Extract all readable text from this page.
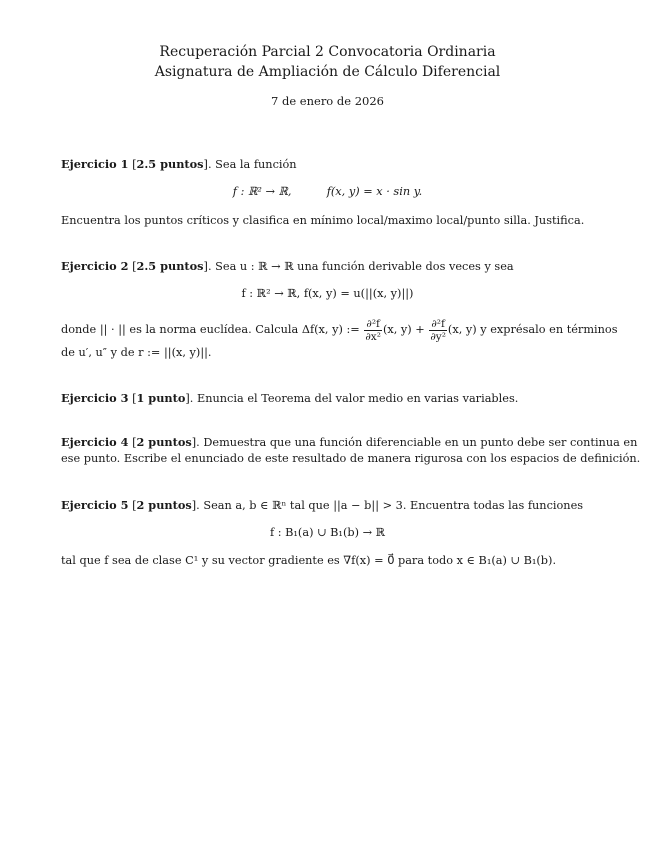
Recuperación Parcial 2 Convocatoria Ordinaria
Asignatura de Ampliación de Cálculo Diferencial
7 de enero de 2026
Ejercicio 1 [2.5 puntos]. Sea la función
f : ℝ² → ℝ,	f(x, y) = x · sin y.
Encuentra los puntos críticos y clasifica en mínimo local/maximo local/punto silla. Justifica.
Ejercicio 2 [2.5 puntos]. Sea u : ℝ → ℝ una función derivable dos veces y sea
f : ℝ² → ℝ, f(x, y) = u(||(x, y)||)
donde || · || es la norma euclídea. Calcula Δf(x, y) := $\frac{\text{∂²f}}{\text{∂x²}} (x$, $y) + \frac{\text{∂²f}}{\text{∂y²}} (x$, y) y exprésalo en términos
de u′, u″ y de r := ||(x, y)||.
Ejercicio 3 [1 punto]. Enuncia el Teorema del valor medio en varias variables.
Ejercicio 4 [2 puntos]. Demuestra que una función diferenciable en un punto debe ser continua en
ese punto. Escribe el enunciado de este resultado de manera rigurosa con los espacios de definición.
Ejercicio 5 [2 puntos]. Sean a, b ∈ ℝⁿ tal que ||a − b|| > 3. Encuentra todas las funciones
f : B₁(a) ∪ B₁(b) → ℝ
tal que f sea de clase C¹ y su vector gradiente es ∇f(x) = 0⃗ para todo x ∈ B₁(a) ∪ B₁(b).
